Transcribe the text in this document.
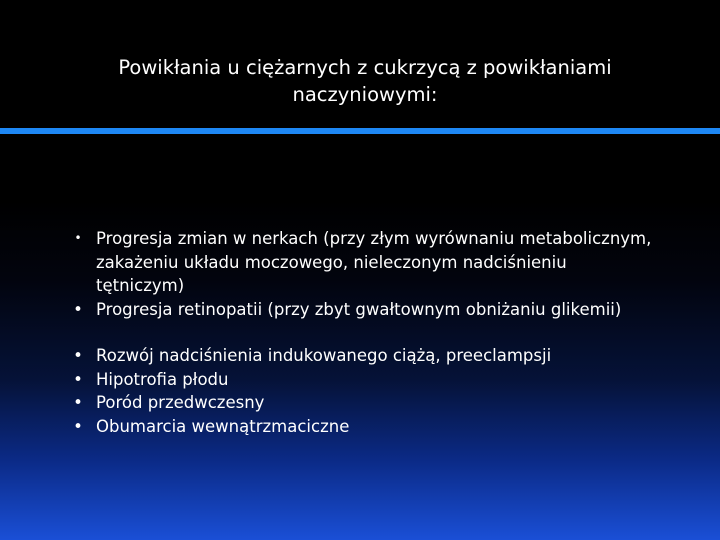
Powikłania u ciężarnych z cukrzycą z powikłaniami naczyniowymi:
• Progresja zmian w nerkach (przy złym wyrównaniu metabolicznym, zakażeniu układu moczowego, nieleczonym nadciśnieniu tętniczym)
• Progresja retinopatii (przy zbyt gwałtownym obniżaniu glikemii)
• Rozwój nadciśnienia indukowanego ciążą, preeclampsji
• Hipotrofia płodu
• Poród przedwczesny
• Obumarcia wewnątrzmaciczne
